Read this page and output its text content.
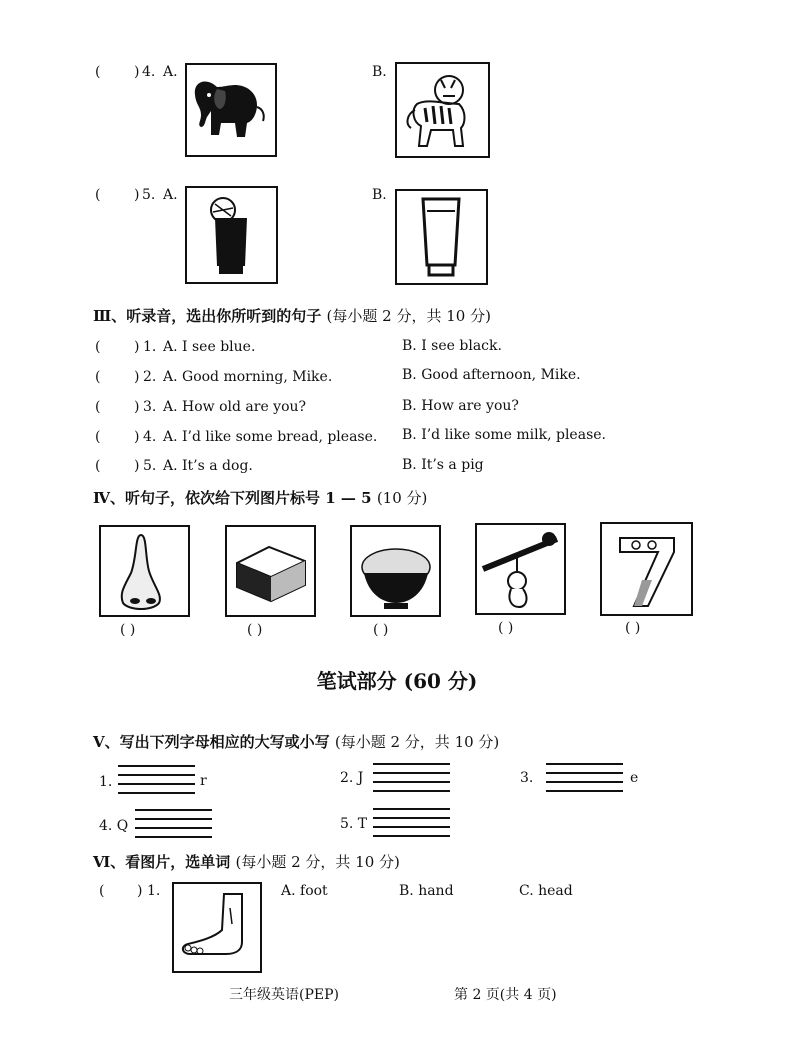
( ) 4. A.	B.
( ) 5. A.	B.
Ⅲ、听录音，选出你所听到的句子 (每小题 2 分，共 10 分)
( ) 1. A. I see blue.	B. I see black.
( ) 2. A. Good morning, Mike.	B. Good afternoon, Mike.
( ) 3. A. How old are you?	B. How are you?
( ) 4. A. I’d like some bread, please. B. I’d like some milk, please.
( ) 5. A. It’s a dog.	B. It’s a pig
Ⅳ、听句子，依次给下列图片标号 1 — 5 (10 分)
( )	( )	( )	( )	( )
笔试部分 (60 分)
Ⅴ、写出下列字母相应的大写或小写 (每小题 2 分，共 10 分)
1.	r	2. J	3.	e
4. Q	5. T
Ⅵ、看图片，选单词 (每小题 2 分，共 10 分)
( ) 1.	A. foot	B. hand	C. head
三年级英语(PEP)	第 2 页(共 4 页)
